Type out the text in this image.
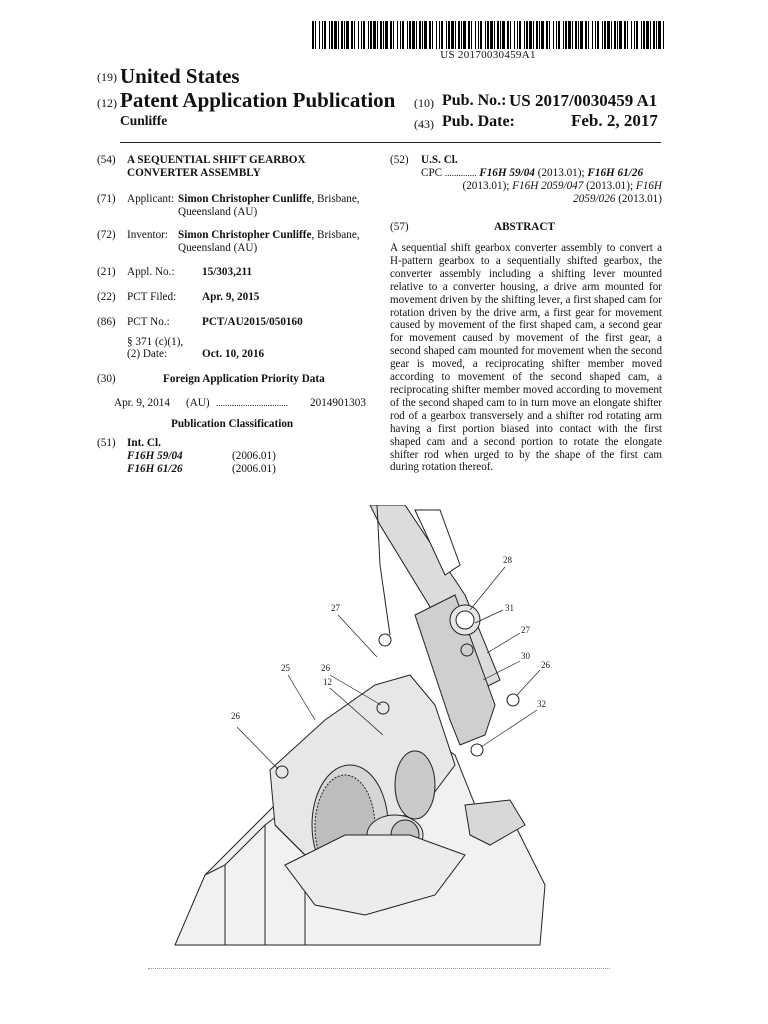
US 20170030459A1
(19) United States
(12) Patent Application Publication
Cunliffe
(10) Pub. No.: US 2017/0030459 A1
(43) Pub. Date:	Feb. 2, 2017
(54)	A SEQUENTIAL SHIFT GEARBOX
CONVERTER ASSEMBLY
(71)	Applicant: Simon Christopher Cunliffe, Brisbane,
Queensland (AU)
(72)	Inventor: Simon Christopher Cunliffe, Brisbane,
Queensland (AU)
(21)	Appl. No.: 15/303,211
(22)	PCT Filed: Apr. 9, 2015
(86)	PCT No.:	PCT/AU2015/050160
§ 371 (c)(1),
(2) Date:	Oct. 10, 2016
(30)	Foreign Application Priority Data
Apr. 9, 2014 (AU) ................................ 2014901303
Publication Classification
(51)	Int. Cl.
F16H 59/04	(2006.01)
F16H 61/26	(2006.01)
(52)	U.S. Cl.
CPC .............. F16H 59/04 (2013.01); F16H 61/26
(2013.01); F16H 2059/047 (2013.01); F16H
2059/026 (2013.01)
(57)	ABSTRACT
A sequential shift gearbox converter assembly to convert a H-pattern gearbox to a sequentially shifted gearbox, the converter assembly including a shifting lever mounted relative to a converter housing, a drive arm mounted for movement driven by the shifting lever, a first shaped cam for rotation driven by the drive arm, a first gear for movement caused by movement of the first shaped cam, a second gear for movement caused by movement of the first gear, a second shaped cam mounted for movement when the second gear is moved, a reciprocating shifter member moved according to movement of the second shaped cam, a reciprocating shifter member moved according to movement of the second shaped cam to in turn move an elongate shifter rod of a gearbox transversely and a shifter rod rotating arm having a first portion biased into contact with the first shaped cam and a second portion to rotate the elongate shifter rod when urged to by the shape of the first cam during rotation thereof.
28
27	31
27
30
26
25	26
12
32
26
